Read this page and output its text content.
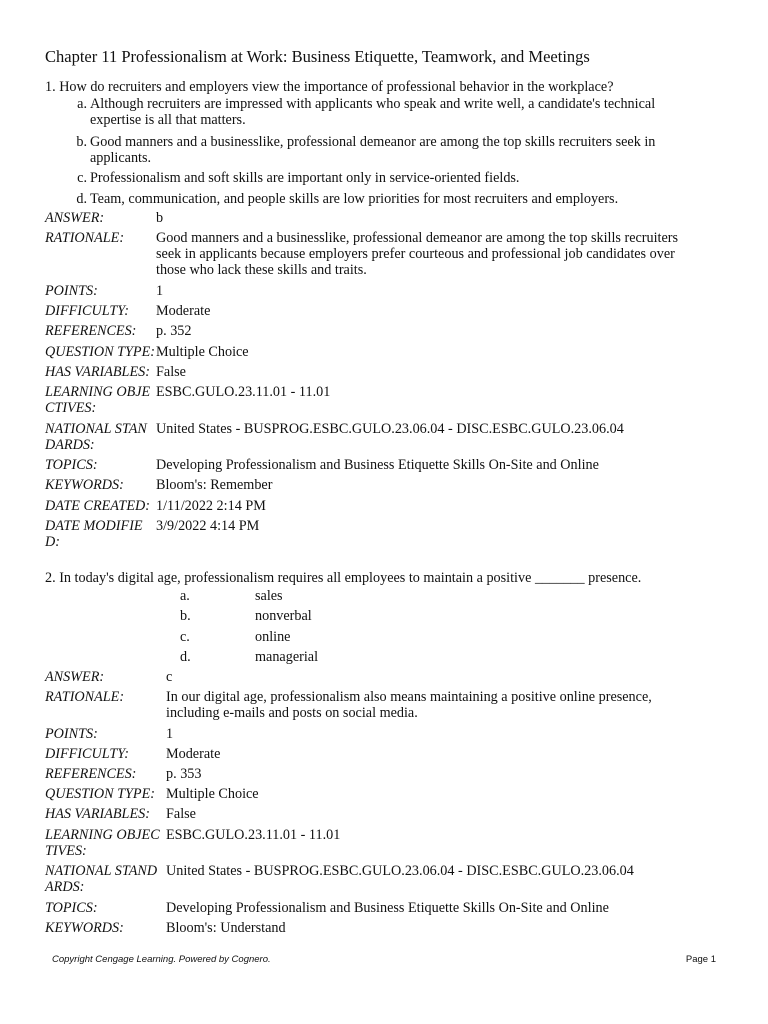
Chapter 11 Professionalism at Work: Business Etiquette, Teamwork, and Meetings
1. How do recruiters and employers view the importance of professional behavior in the workplace?
a. Although recruiters are impressed with applicants who speak and write well, a candidate's technical expertise is all that matters.
b. Good manners and a businesslike, professional demeanor are among the top skills recruiters seek in applicants.
c. Professionalism and soft skills are important only in service-oriented fields.
d. Team, communication, and people skills are low priorities for most recruiters and employers.
ANSWER:	b
RATIONALE:	Good manners and a businesslike, professional demeanor are among the top skills recruiters seek in applicants because employers prefer courteous and professional job candidates over those who lack these skills and traits.
POINTS:	1
DIFFICULTY:	Moderate
REFERENCES:	p. 352
QUESTION TYPE: Multiple Choice
HAS VARIABLES: False
LEARNING OBJECTIVES:
ESBC.GULO.23.11.01 - 11.01
NATIONAL STANDARDS:
United States - BUSPROG.ESBC.GULO.23.06.04 - DISC.ESBC.GULO.23.06.04
TOPICS:	Developing Professionalism and Business Etiquette Skills On-Site and Online
KEYWORDS:	Bloom's: Remember
DATE CREATED: 1/11/2022 2:14 PM
DATE MODIFIED:
3/9/2022 4:14 PM
2. In today's digital age, professionalism requires all employees to maintain a positive _______ presence.
a.	sales
b.	nonverbal
c.	online
d.	managerial
ANSWER:	c
RATIONALE:	In our digital age, professionalism also means maintaining a positive online presence, including e-mails and posts on social media.
POINTS:	1
DIFFICULTY:	Moderate
REFERENCES:	p. 353
QUESTION TYPE: Multiple Choice
HAS VARIABLES:	False
LEARNING OBJECTIVES:
ESBC.GULO.23.11.01 - 11.01
NATIONAL STANDARDS:
United States - BUSPROG.ESBC.GULO.23.06.04 - DISC.ESBC.GULO.23.06.04
TOPICS:	Developing Professionalism and Business Etiquette Skills On-Site and Online
KEYWORDS:	Bloom's: Understand
Copyright Cengage Learning. Powered by Cognero.	Page 1
